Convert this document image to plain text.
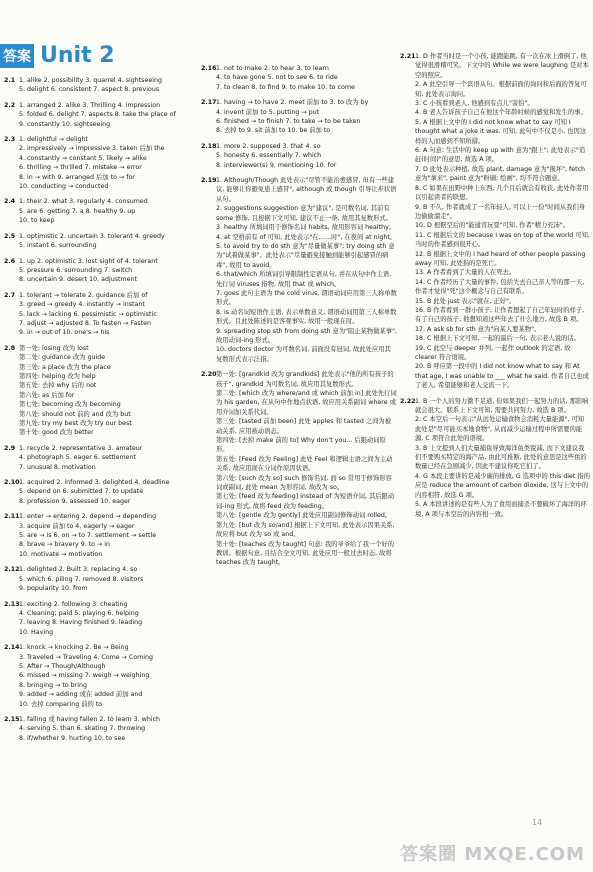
答案 Unit 2
2.1 1. alike 2. possibility 3. quarrel 4. sightseeing
5. delight 6. consistent 7. aspect 8. previous
2.2 1. arranged 2. alike 3. Thrilling 4. impression
5. folded 6. delight 7. aspects 8. take the place of
9. constantly 10. sightseeing
2.3 1. delightful → delight
2. impressively → impressive 3. taken 后加 the
4. constantly → constant 5. likely → alike
6. thrilling → thrilled 7. mistake → error
8. in → with 9. arranged 后加 to → for
10. conducting → conducted
2.4 1. their 2. what 3. regularly 4. consumed
5. are 6. getting 7. a 8. healthy 9. up
10. to keep
2.5 1. optimistic 2. uncertain 3. tolerant 4. greedy
5. instant 6. surrounding
2.6 1. up 2. optimistic 3. lost sight of 4. tolerant
5. pressure 6. surrounding 7. switch
8. uncertain 9. desert 10. adjustment
2.7 1. tolerant → tolerate 2. guidance 后加 of
3. greed → greedy 4. instantly → instant
5. lack → lacking 6. pessimistic → optimistic
7. adjust → adjusted 8. To fasten → Fasten
9. in → out of 10. one's → his
2.8 第一处: losing 改为 lost
第二处: guidance 改为 guide
第三处: a place 改为 the place
第四处: helping 改为 help
第五处: 去掉 why 后的 not
第六处: as 后加 for
第七处: becoming 改为 becoming
第八处: should not 前的 and 改为 but
第九处: try my best 改为 try our best
第十处: good 改为 better
2.9 1. recycle 2. representative 3. amateur
4. photograph 5. eager 6. settlement
7. unusual 8. motivation
2.10 1. acquired 2. informed 3. delighted 4. deadline
5. depend on 6. submitted 7. to update
8. profession 9. assessed 10. eager
2.11 1. enter → entering 2. depend → depending
3. acquire 前加 to 4. eagerly → eager
5. are → is 6. on → to 7. settlement → settle
8. brave → bravery 9. to → in
10. motivate → motivation
2.12 1. delighted 2. Built 3. replacing 4. so
5. which 6. piling 7. removed 8. visitors
9. popularity 10. from
2.13 1. exciting 2. following 3. cheating
4. Cleaning; paid 5. playing 6. helping
7. leaving 8. Having finished 9. leading
10. Having
2.14 1. knock → knocking 2. Be → Being
3. Traveled → Traveling 4. Come → Coming
5. After → Though/Although
6. missed → missing 7. weigh → weighing
8. bringing → to bring
9. added → adding 或在 added 前加 and
10. 去掉 comparing 前的 to
2.15 1. falling 或 having fallen 2. to learn 3. which
4. serving 5. than 6. skating 7. throwing
8. if/whether 9. hurting 10. to see
2.16 1. not to make 2. to hear 3. to learn
4. to have gone 5. not to see 6. to ride
7. to clean 8. to find 9. to make 10. to come
2.17 1. having → to have 2. meet 前加 to 3. to 改为 by
4. invent 前加 to 5. putting → put
6. finished → to finish 7. to take → to be taken
8. 去掉 to 9. sit 前加 to 10. be 前加 to
2.18 1. more 2. supposed 3. that 4. so
5. honesty 6. essentially 7. which
8. interviewer(s) 9. mentioning 10. for
2.19 1. Although/Though 此处表示"尽管不能治愈感冒, 但有一些建议, 能够让你避免患上感冒", although 或 though 引导让步状语从句。
2. suggestions suggestion 意为"建议", 是可数名词, 其前有 some 修饰, 且根据下文可知, 建议不止一条, 故用其复数形式。
3. healthy 所填词用于修饰名词 habits, 故用形容词 healthy。
4. at 空格前有 of 可知, 此处表示"在……时", 在夜间 at night。
5. to avoid try to do sth 意为"尽量做某事"; try doing sth 意为"试着做某事"。此处表示"尽量避免接触到能够引起感冒的病毒", 故用 to avoid。
6. that/which 所填词引导限制性定语从句, 并在从句中作主语, 先行词 viruses 指物, 故用 that 或 which。
7. goes 此句主语为 the cold virus, 谓语动词应用第三人称单数形式。
8. is 动名词短语作主语, 表示单数意义, 谓语动词用第三人称单数形式。且此处陈述的是客观事实, 故用一般现在时。
9. spreading stop sth from doing sth 意为"阻止某物做某事", 故用动词-ing 形式。
10. doctors doctor 为可数名词, 前面没有冠词, 故此处应用其复数形式表示泛指。
2.20 第一处: [grandkid 改为 grandkids] 此处表示"他的所有孩子的孩子", grandkid 为可数名词, 故应用其复数形式。
第二处: [which 改为 where/and 或 which 前加 in] 此处先行词为 his garden, 在从句中作地点状语, 故应用关系副词 where 或用介词加关系代词。
第三处: [tasted 前加 been] 此处 apples 和 tasted 之间为被动关系, 应用被动语态。
第四处: [去掉 make 前的 to] Why don't you... 后跟动词原形。
第五处: [Feed 改为 Feeling] 此处 Feel 和逻辑主语之间为主动关系, 故应用现在分词作原因状语。
第六处: [such 改为 so] such 修饰名词, 而 so 常用于修饰形容词或副词, 此处 mean 为形容词, 故改为 so。
第七处: [feed 改为 feeding] instead of 为短语介词, 其后跟动词-ing 形式, 故将 feed 改为 feeding。
第八处: [gentle 改为 gently] 此处应用副词修饰动词 rolled。
第九处: [but 改为 so/and] 根据上下文可知, 此处表示因果关系, 故应将 but 改为 so 或 and。
第十处: [teaches 改为 taught] 句意: 我的爷爷给了我一个好的教训。根据句意, 且结合全文可知, 此处应用一般过去时态, 故将 teaches 改为 taught。
2.21 1. D 作者当时是一个小孩, 能跑能跳, 有一次在冰上滑倒了, 他觉得很滑稽可笑。下文中的 While we were laughing 是对本空的照应。
2. A 此空引导一个宾语从句。根据前面的询问和后面的答复可知, 此处表示询问。
3. C 小孩看到老人, 他感到有点儿"害怕"。
4. B 老人告诉孩子自己在他这个年龄时候的感觉和发生的事。
5. A 根据上文中的 I did not know what to say 可知 I thought what a joke it was. 可知, 此句中不仅是小, 也因这样的人而感到不知所措。
6. A 句意: 生活中的 keep up with 意为"跟上"; 此处表示"追赶(时间)"的意思, 故选 A 项。
7. D 此处表示种植, 故选 plant, damage 意为"损坏", fetch 意为"拿来", paint 意为"粉刷; 绘画", 均不符合题意。
8. C 如果在田野中种上东西, 几个月后就会有收获, 此处作者用以引起读者的联想。
9. B 不久, 作者就成了一名年轻人, 可以上一份"时间从我们身边偷偷溜走"。
10. D 根据空后的"能通宵玩耍"可知, 作者"精力充沛"。
11. C 根据后文的 because I was on top of the world 可知, 当时的作者感到很开心。
12. B 根据上文中的 I had heard of other people passing away 可知, 此处指的是死亡。
13. A 作者看到了大量的人在死去。
14. C 作者经历了大量的事件, 包括失去自己亲人等的那一天, 作者才觉得"死"这个概念与自己有联系。
15. B 此处 just 表示"就在, 正好"。
16. B 作者看到一群小孩子, 让作者想起了自己年轻时的样子, 有了自己的孩子, 他想知道这些年去了什么地方, 故选 B 项。
17. A ask sb for sth 意为"向某人要某物"。
18. C 根据上下文可知, 一起的最后一句, 表示老人说的话。
19. C 此空与 deeper 并列, 一起作 outlook 的定语, 故 clearer 符合语境。
20. B 呼应第一段中的 I did not know what to say 和 At that age, I was unable to ___ what he said. 作者自己也成了老人, 希望能够和老人交流一下。
2.22 1. B 一个人的努力微不足道, 但如果我们一起努力的话, 那影响就会很大。联系上下文可知, 需要共同努力, 故选 B 项。
2. C 本空后一句表示"从远处运输食物会消耗大量能源", 可知此处是"尽可能买本地食物", 从而减少运输过程中所需要的能源, C 项符合此处的语境。
3. B 上文提到人们大量捕鱼导致海洋鱼类锐减, 而下文建议我们不要购买特定的海产品, 由此可推断, 此处的意思是这些鱼的数量已经在急剧减少, 因此不建议你吃它们了。
4. G 本段主要讲的是减少碳的排放, G 选项中的 this diet 指的应是 reduce the amount of carbon dioxide, 这与上文中的内容相符, 故选 G 项。
5. A 本段讲述的是有些人为了食用而捕杀不要破坏了海洋的环境, A 项与本空后的内容相一致。
14
答案圈 MXQE.COM
